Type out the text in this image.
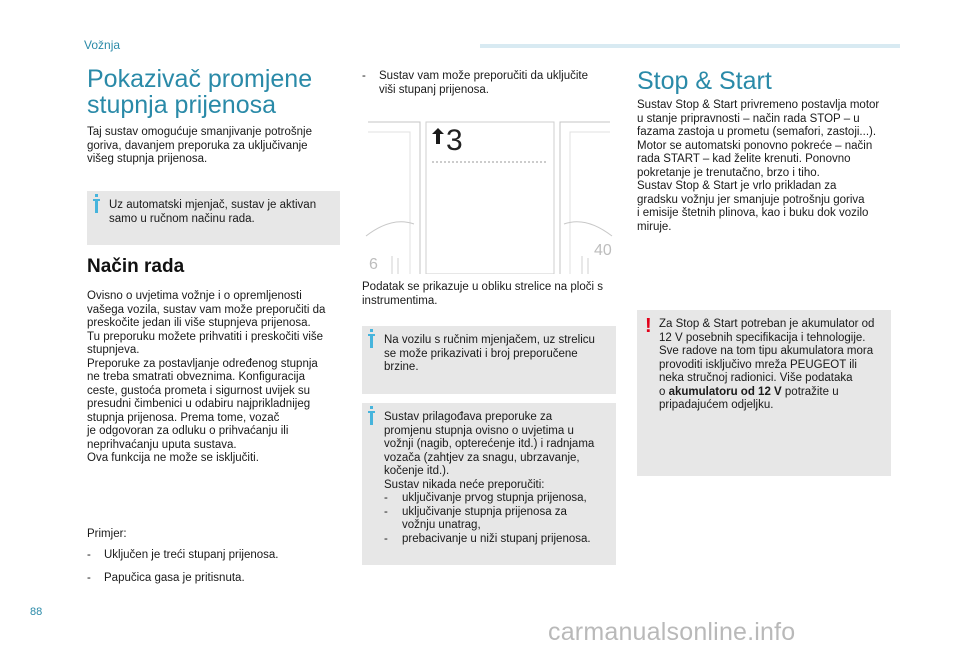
Vožnja
Pokazivač promjene
stupnja prijenosa
Taj sustav omogućuje smanjivanje potrošnje
goriva, davanjem preporuka za uključivanje
višeg stupnja prijenosa.
Uz automatski mjenjač, sustav je aktivan
samo u ručnom načinu rada.
Način rada
Ovisno o uvjetima vožnje i o opremljenosti
vašega vozila, sustav vam može preporučiti da
preskočite jedan ili više stupnjeva prijenosa.
Tu preporuku možete prihvatiti i preskočiti više
stupnjeva.
Preporuke za postavljanje određenog stupnja
ne treba smatrati obveznima. Konfiguracija
ceste, gustoća prometa i sigurnost uvijek su
presudni čimbenici u odabiru najprikladnijeg
stupnja prijenosa. Prema tome, vozač
je odgovoran za odluku o prihvaćanju ili
neprihvaćanju uputa sustava.
Ova funkcija ne može se isključiti.
Primjer:
- Uključen je treći stupanj prijenosa.
- Papučica gasa je pritisnuta.
- Sustav vam može preporučiti da uključite
viši stupanj prijenosa.
3
6
40
Podatak se prikazuje u obliku strelice na ploči s
instrumentima.
Na vozilu s ručnim mjenjačem, uz strelicu
se može prikazivati i broj preporučene
brzine.
Sustav prilagođava preporuke za
promjenu stupnja ovisno o uvjetima u
vožnji (nagib, opterećenje itd.) i radnjama
vozača (zahtjev za snagu, ubrzavanje,
kočenje itd.).
Sustav nikada neće preporučiti:
- uključivanje prvog stupnja prijenosa,
- uključivanje stupnja prijenosa za
vožnju unatrag,
- prebacivanje u niži stupanj prijenosa.
Stop & Start
Sustav Stop & Start privremeno postavlja motor
u stanje pripravnosti – način rada STOP – u
fazama zastoja u prometu (semafori, zastoji...).
Motor se automatski ponovno pokreće – način
rada START – kad želite krenuti. Ponovno
pokretanje je trenutačno, brzo i tiho.
Sustav Stop & Start je vrlo prikladan za
gradsku vožnju jer smanjuje potrošnju goriva
i emisije štetnih plinova, kao i buku dok vozilo
miruje.
! Za Stop & Start potreban je akumulator od
12 V posebnih specifikacija i tehnologije.
Sve radove na tom tipu akumulatora mora
provoditi isključivo mreža PEUGEOT ili
neka stručnoj radionici. Više podataka
o akumulatoru od 12 V potražite u
pripadajućem odjeljku.
88
carmanualsonline.info
